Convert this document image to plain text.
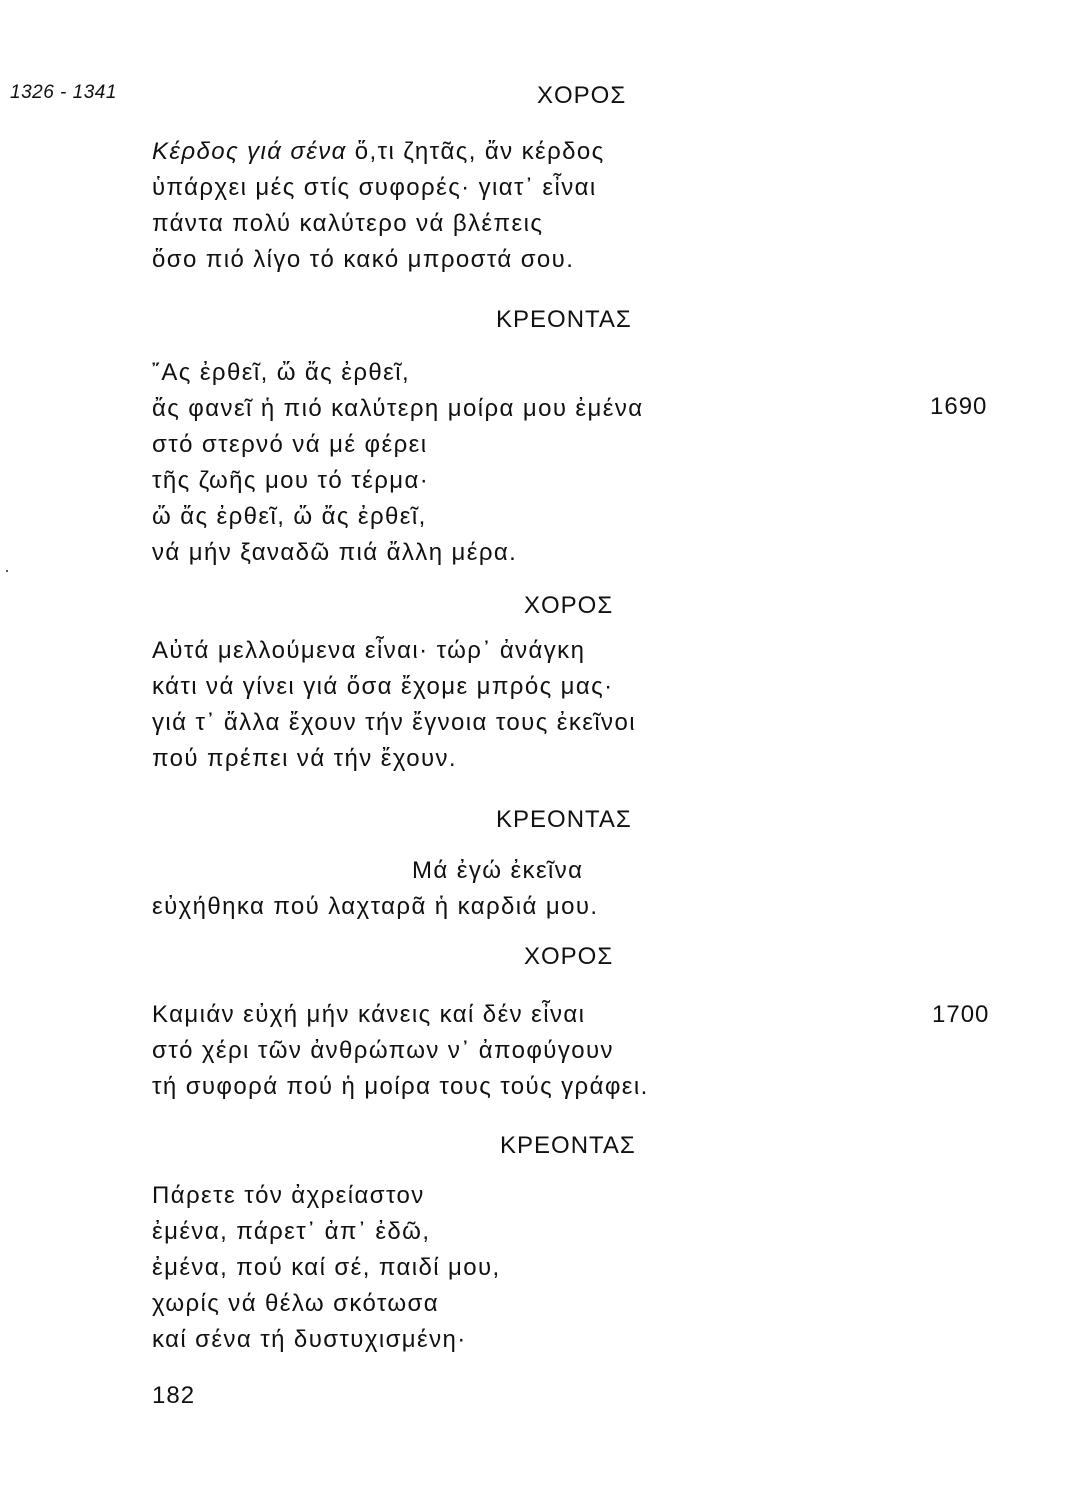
1326 - 1341	ΧΟΡΟΣ
Κέρδος γιά σένα ὅ,τι ζητᾶς, ἄν κέρδος
ὑπάρχει μές στίς συφορές· γιατ᾽ εἶναι
πάντα πολύ καλύτερο νά βλέπεις
ὅσο πιό λίγο τό κακό μπροστά σου.
ΚΡΕΟΝΤΑΣ
῎Ας ἐρθεῖ, ὤ ἄς ἐρθεῖ,
ἄς φανεῖ ἡ πιό καλύτερη μοίρα μου ἐμένα
στό στερνό νά μέ φέρει
τῆς ζωῆς μου τό τέρμα·
ὤ ἄς ἐρθεῖ, ὤ ἄς ἐρθεῖ,
νά μήν ξαναδῶ πιά ἄλλη μέρα.
1690
ΧΟΡΟΣ
Αὐτά μελλούμενα εἶναι· τώρ᾽ ἀνάγκη
κάτι νά γίνει γιά ὅσα ἔχομε μπρός μας·
γιά τ᾽ ἄλλα ἔχουν τήν ἔγνοια τους ἐκεῖνοι
πού πρέπει νά τήν ἔχουν.
ΚΡΕΟΝΤΑΣ
Μά ἐγώ ἐκεῖνα
εὐχήθηκα πού λαχταρᾶ ἡ καρδιά μου.
ΧΟΡΟΣ
Καμιάν εὐχή μήν κάνεις καί δέν εἶναι
στό χέρι τῶν ἀνθρώπων ν᾽ ἀποφύγουν
τή συφορά πού ἡ μοίρα τους τούς γράφει.
1700
ΚΡΕΟΝΤΑΣ
Πάρετε τόν ἀχρείαστον
ἐμένα, πάρετ᾽ ἀπ᾽ ἐδῶ,
ἐμένα, πού καί σέ, παιδί μου,
χωρίς νά θέλω σκότωσα
καί σένα τή δυστυχισμένη·
182
